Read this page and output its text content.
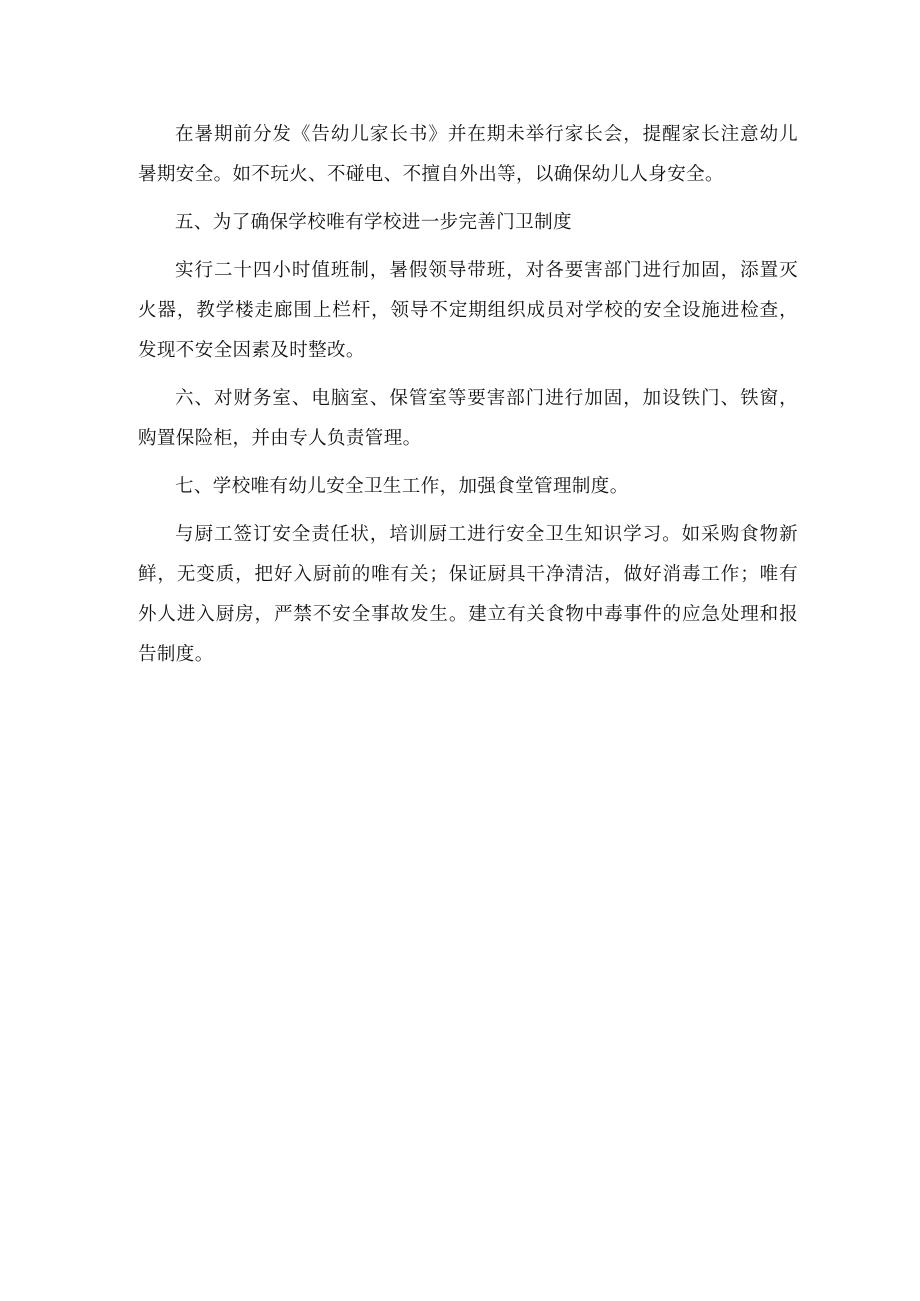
在暑期前分发《告幼儿家长书》并在期未举行家长会，提醒家长注意幼儿暑期安全。如不玩火、不碰电、不擅自外出等，以确保幼儿人身安全。

五、为了确保学校唯有学校进一步完善门卫制度

实行二十四小时值班制，暑假领导带班，对各要害部门进行加固，添置灭火器，教学楼走廊围上栏杆，领导不定期组织成员对学校的安全设施进检查，发现不安全因素及时整改。

六、对财务室、电脑室、保管室等要害部门进行加固，加设铁门、铁窗，购置保险柜，并由专人负责管理。

七、学校唯有幼儿安全卫生工作，加强食堂管理制度。

与厨工签订安全责任状，培训厨工进行安全卫生知识学习。如采购食物新鲜，无变质，把好入厨前的唯有关；保证厨具干净清洁，做好消毒工作；唯有外人进入厨房，严禁不安全事故发生。建立有关食物中毒事件的应急处理和报告制度。
